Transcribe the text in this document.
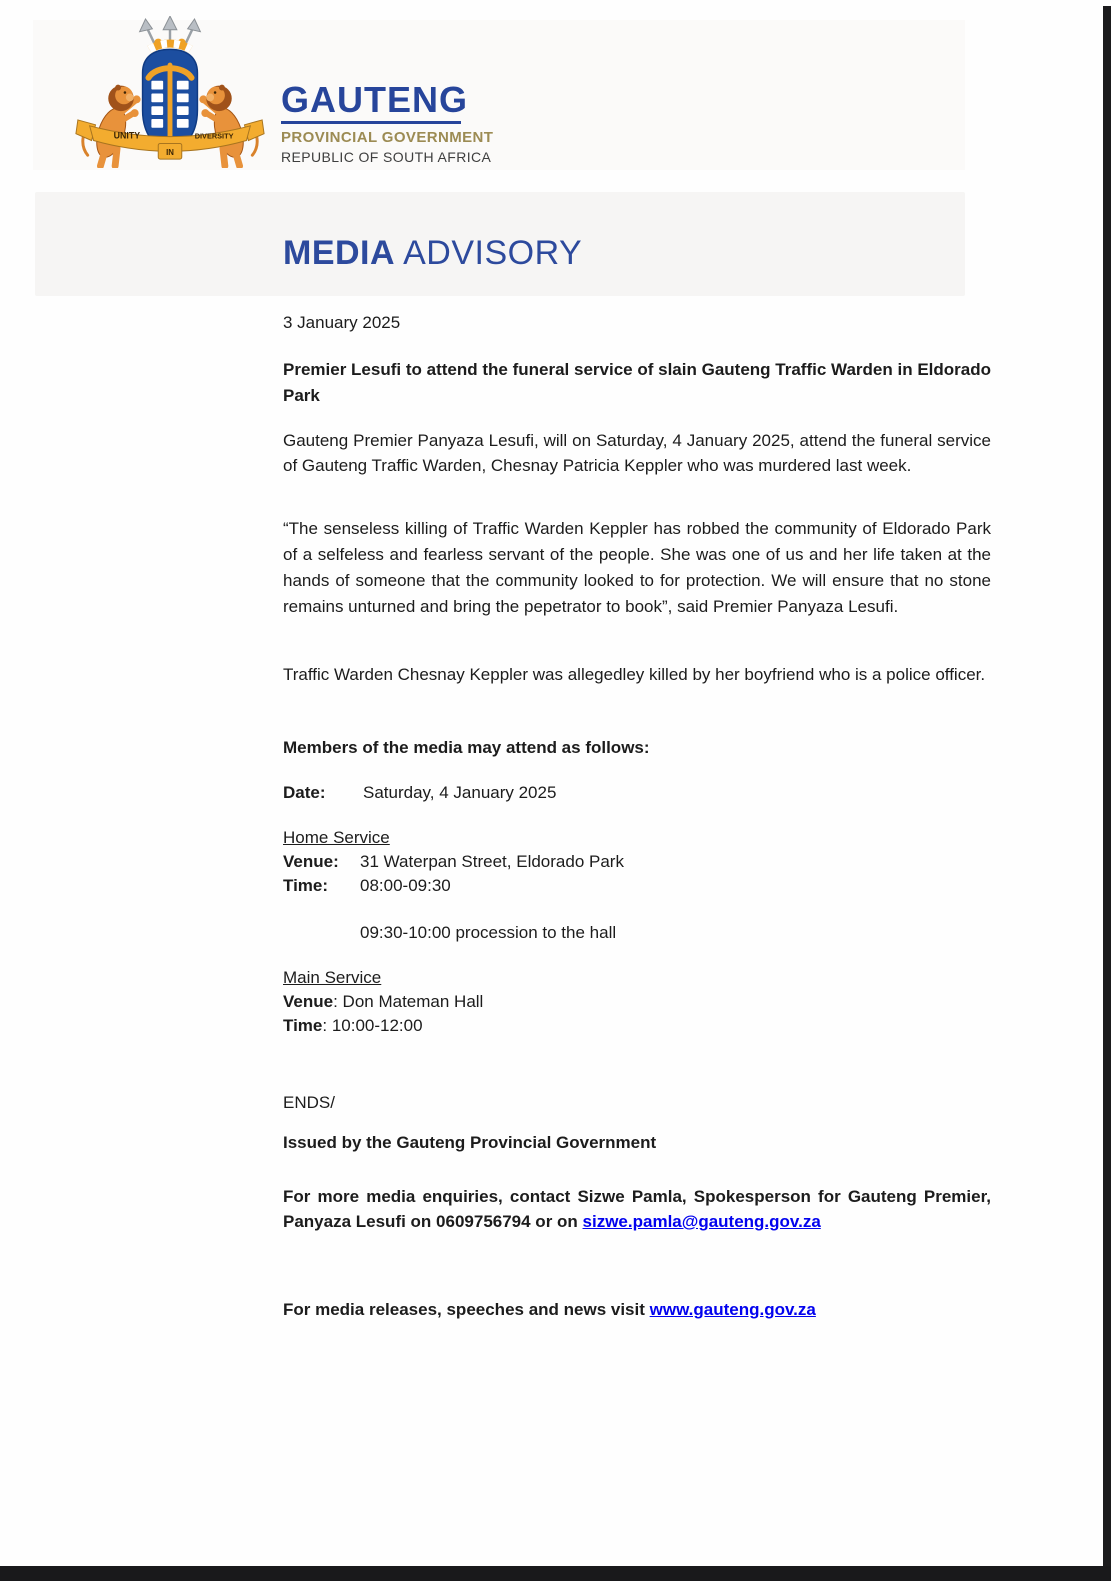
UNITY
IN
DIVERSITY
GAUTENG
PROVINCIAL GOVERNMENT
REPUBLIC OF SOUTH AFRICA
MEDIA ADVISORY
3 January 2025
Premier Lesufi to attend the funeral service of slain Gauteng Traffic Warden in Eldorado Park
Gauteng Premier Panyaza Lesufi, will on Saturday, 4 January 2025, attend the funeral service of Gauteng Traffic Warden, Chesnay Patricia Keppler who was murdered last week.
“The senseless killing of Traffic Warden Keppler has robbed the community of Eldorado Park of a selfeless and fearless servant of the people. She was one of us and her life taken at the hands of someone that the community looked to for protection. We will ensure that no stone remains unturned and bring the pepetrator to book”, said Premier Panyaza Lesufi.
Traffic Warden Chesnay Keppler was allegedley killed by her boyfriend who is a police officer.
Members of the media may attend as follows:
Date: Saturday, 4 January 2025
Home Service
Venue: 31 Waterpan Street, Eldorado Park
Time: 08:00-09:30
09:30-10:00 procession to the hall
Main Service
Venue: Don Mateman Hall
Time: 10:00-12:00
ENDS/
Issued by the Gauteng Provincial Government
For more media enquiries, contact Sizwe Pamla, Spokesperson for Gauteng Premier, Panyaza Lesufi on 0609756794 or on sizwe.pamla@gauteng.gov.za
For media releases, speeches and news visit www.gauteng.gov.za
